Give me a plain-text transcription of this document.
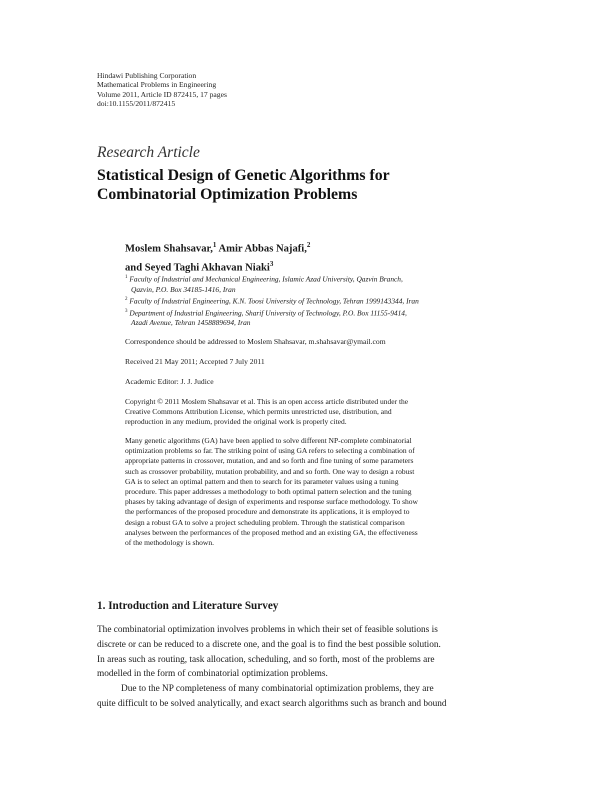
Hindawi Publishing Corporation
Mathematical Problems in Engineering
Volume 2011, Article ID 872415, 17 pages
doi:10.1155/2011/872415
Research Article
Statistical Design of Genetic Algorithms for
Combinatorial Optimization Problems
Moslem Shahsavar,$^1$ Amir Abbas Najafi,$^2$
and Seyed Taghi Akhavan Niaki$^3$
$^1$ Faculty of Industrial and Mechanical Engineering, Islamic Azad University, Qazvin Branch,
Qazvin, P.O. Box 34185-1416, Iran
$^2$ Faculty of Industrial Engineering, K.N. Toosi University of Technology, Tehran 1999143344, Iran
$^3$ Department of Industrial Engineering, Sharif University of Technology, P.O. Box 11155-9414,
Azadi Avenue, Tehran 1458889694, Iran
Correspondence should be addressed to Moslem Shahsavar, m.shahsavar@ymail.com
Received 21 May 2011; Accepted 7 July 2011
Academic Editor: J. J. Judice
Copyright © 2011 Moslem Shahsavar et al. This is an open access article distributed under the
Creative Commons Attribution License, which permits unrestricted use, distribution, and
reproduction in any medium, provided the original work is properly cited.
Many genetic algorithms (GA) have been applied to solve different NP-complete combinatorial
optimization problems so far. The striking point of using GA refers to selecting a combination of
appropriate patterns in crossover, mutation, and and so forth and fine tuning of some parameters
such as crossover probability, mutation probability, and and so forth. One way to design a robust
GA is to select an optimal pattern and then to search for its parameter values using a tuning
procedure. This paper addresses a methodology to both optimal pattern selection and the tuning
phases by taking advantage of design of experiments and response surface methodology. To show
the performances of the proposed procedure and demonstrate its applications, it is employed to
design a robust GA to solve a project scheduling problem. Through the statistical comparison
analyses between the performances of the proposed method and an existing GA, the effectiveness
of the methodology is shown.
1. Introduction and Literature Survey
The combinatorial optimization involves problems in which their set of feasible solutions is
discrete or can be reduced to a discrete one, and the goal is to find the best possible solution.
In areas such as routing, task allocation, scheduling, and so forth, most of the problems are
modelled in the form of combinatorial optimization problems.
Due to the NP completeness of many combinatorial optimization problems, they are
quite difficult to be solved analytically, and exact search algorithms such as branch and bound
